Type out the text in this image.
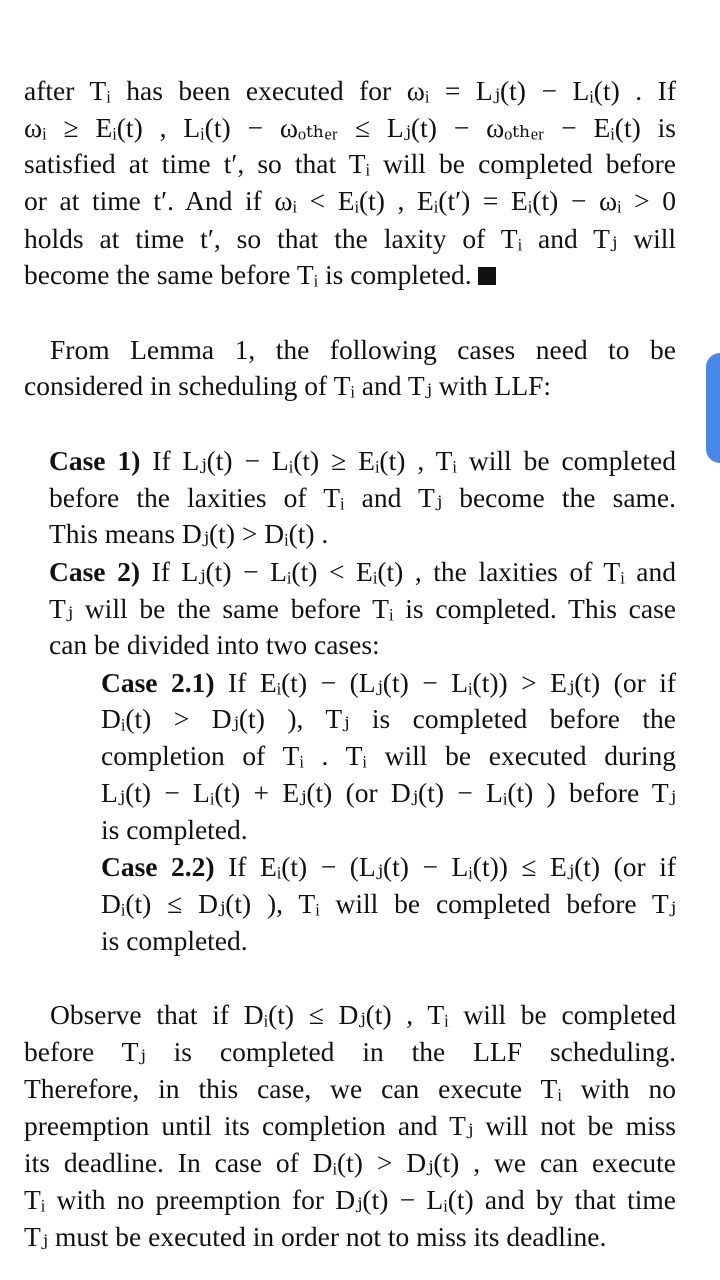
after Tᵢ has been executed for ωᵢ = Lⱼ(t) − Lᵢ(t) . If
ωᵢ ≥ Eᵢ(t) , Lᵢ(t) − ωₒₜₕₑᵣ ≤ Lⱼ(t) − ωₒₜₕₑᵣ − Eᵢ(t) is
satisfied at time t′, so that Tᵢ will be completed before
or at time t′. And if ωᵢ < Eᵢ(t) , Eᵢ(t′) = Eᵢ(t) − ωᵢ > 0
holds at time t′, so that the laxity of Tᵢ and Tⱼ will
become the same before Tᵢ is completed.
From Lemma 1, the following cases need to be
considered in scheduling of Tᵢ and Tⱼ with LLF:
Case 1) If Lⱼ(t) − Lᵢ(t) ≥ Eᵢ(t) , Tᵢ will be completed
before the laxities of Tᵢ and Tⱼ become the same.
This means Dⱼ(t) > Dᵢ(t) .
Case 2) If Lⱼ(t) − Lᵢ(t) < Eᵢ(t) , the laxities of Tᵢ and
Tⱼ will be the same before Tᵢ is completed. This case
can be divided into two cases:
Case 2.1) If Eᵢ(t) − (Lⱼ(t) − Lᵢ(t)) > Eⱼ(t) (or if
Dᵢ(t) > Dⱼ(t) ), Tⱼ is completed before the
completion of Tᵢ . Tᵢ will be executed during
Lⱼ(t) − Lᵢ(t) + Eⱼ(t) (or Dⱼ(t) − Lᵢ(t) ) before Tⱼ
is completed.
Case 2.2) If Eᵢ(t) − (Lⱼ(t) − Lᵢ(t)) ≤ Eⱼ(t) (or if
Dᵢ(t) ≤ Dⱼ(t) ), Tᵢ will be completed before Tⱼ
is completed.
Observe that if Dᵢ(t) ≤ Dⱼ(t) , Tᵢ will be completed
before Tⱼ is completed in the LLF scheduling.
Therefore, in this case, we can execute Tᵢ with no
preemption until its completion and Tⱼ will not be miss
its deadline. In case of Dᵢ(t) > Dⱼ(t) , we can execute
Tᵢ with no preemption for Dⱼ(t) − Lᵢ(t) and by that time
Tⱼ must be executed in order not to miss its deadline.
